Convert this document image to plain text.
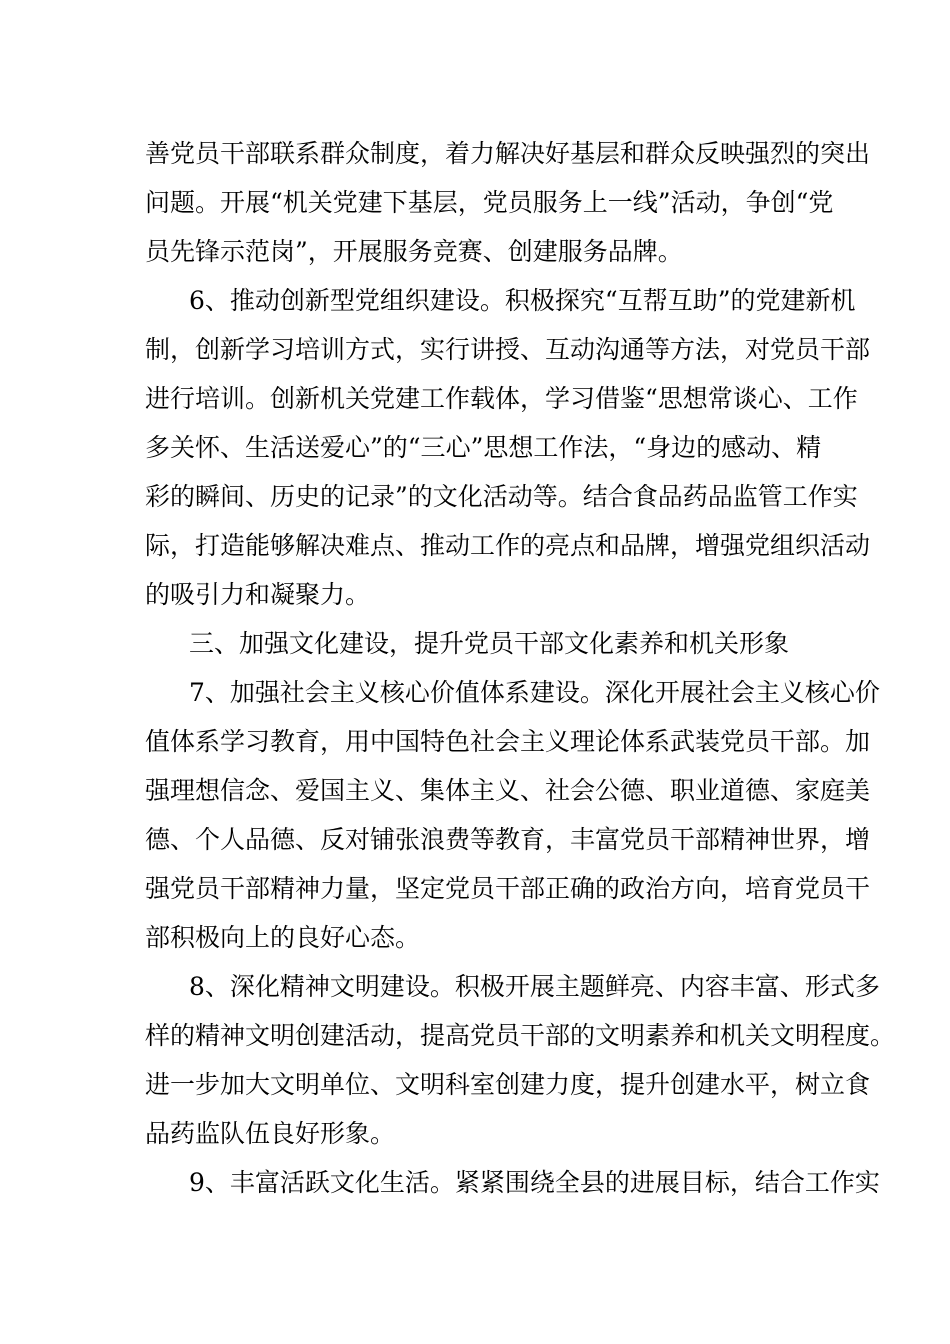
善党员干部联系群众制度，着力解决好基层和群众反映强烈的突出
问题。开展“机关党建下基层，党员服务上一线”活动，争创“党
员先锋示范岗”，开展服务竞赛、创建服务品牌。
6、推动创新型党组织建设。积极探究“互帮互助”的党建新机
制，创新学习培训方式，实行讲授、互动沟通等方法，对党员干部
进行培训。创新机关党建工作载体，学习借鉴“思想常谈心、工作
多关怀、生活送爱心”的“三心”思想工作法，“身边的感动、精
彩的瞬间、历史的记录”的文化活动等。结合食品药品监管工作实
际，打造能够解决难点、推动工作的亮点和品牌，增强党组织活动
的吸引力和凝聚力。
三、加强文化建设，提升党员干部文化素养和机关形象
7、加强社会主义核心价值体系建设。深化开展社会主义核心价
值体系学习教育，用中国特色社会主义理论体系武装党员干部。加
强理想信念、爱国主义、集体主义、社会公德、职业道德、家庭美
德、个人品德、反对铺张浪费等教育，丰富党员干部精神世界，增
强党员干部精神力量，坚定党员干部正确的政治方向，培育党员干
部积极向上的良好心态。
8、深化精神文明建设。积极开展主题鲜亮、内容丰富、形式多
样的精神文明创建活动，提高党员干部的文明素养和机关文明程度。
进一步加大文明单位、文明科室创建力度，提升创建水平，树立食
品药监队伍良好形象。
9、丰富活跃文化生活。紧紧围绕全县的进展目标，结合工作实
